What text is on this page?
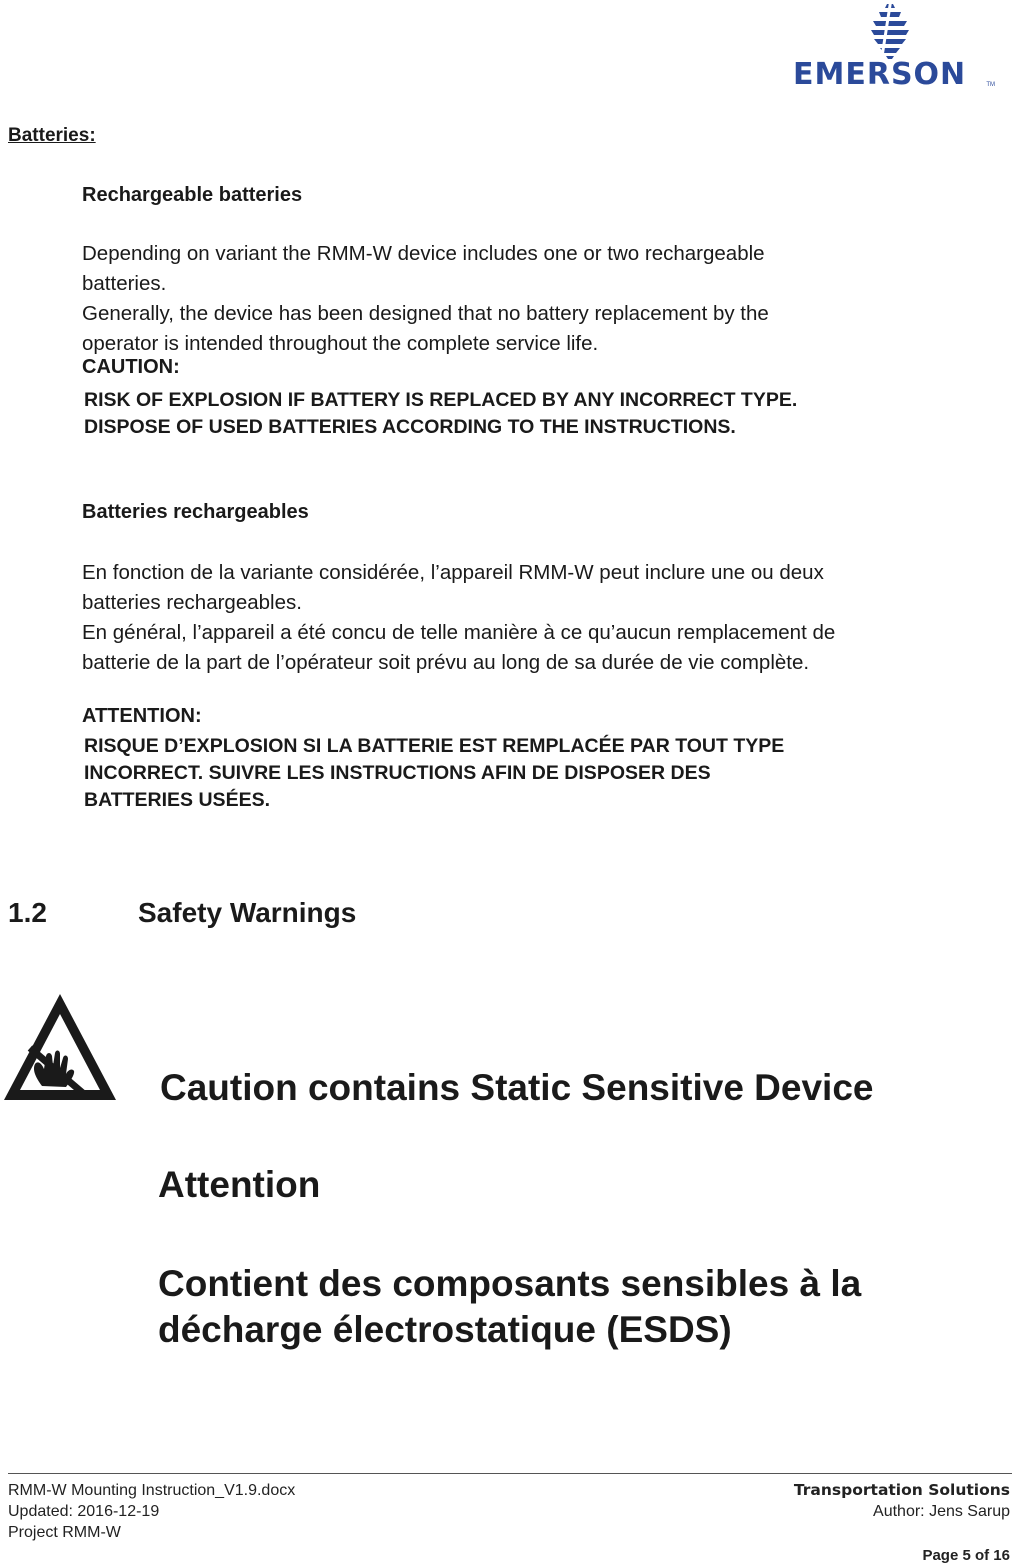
EMERSON	TM
Batteries:
Rechargeable batteries
Depending on variant the RMM-W device includes one or two rechargeable
batteries.
Generally, the device has been designed that no battery replacement by the
operator is intended throughout the complete service life.
CAUTION:
RISK OF EXPLOSION IF BATTERY IS REPLACED BY ANY INCORRECT TYPE.
DISPOSE OF USED BATTERIES ACCORDING TO THE INSTRUCTIONS.
Batteries rechargeables
En fonction de la variante considérée, l’appareil RMM-W peut inclure une ou deux
batteries rechargeables.
En général, l’appareil a été concu de telle manière à ce qu’aucun remplacement de
batterie de la part de l’opérateur soit prévu au long de sa durée de vie complète.
ATTENTION:
RISQUE D’EXPLOSION SI LA BATTERIE EST REMPLACÉE PAR TOUT TYPE
INCORRECT. SUIVRE LES INSTRUCTIONS AFIN DE DISPOSER DES
BATTERIES USÉES.
1.2	Safety Warnings
Caution contains Static Sensitive Device
Attention
Contient des composants sensibles à la
décharge électrostatique (ESDS)
RMM-W Mounting Instruction_V1.9.docx
Updated: 2016-12-19
Project RMM-W
Transportation Solutions
Author: Jens Sarup
Page 5 of 16
